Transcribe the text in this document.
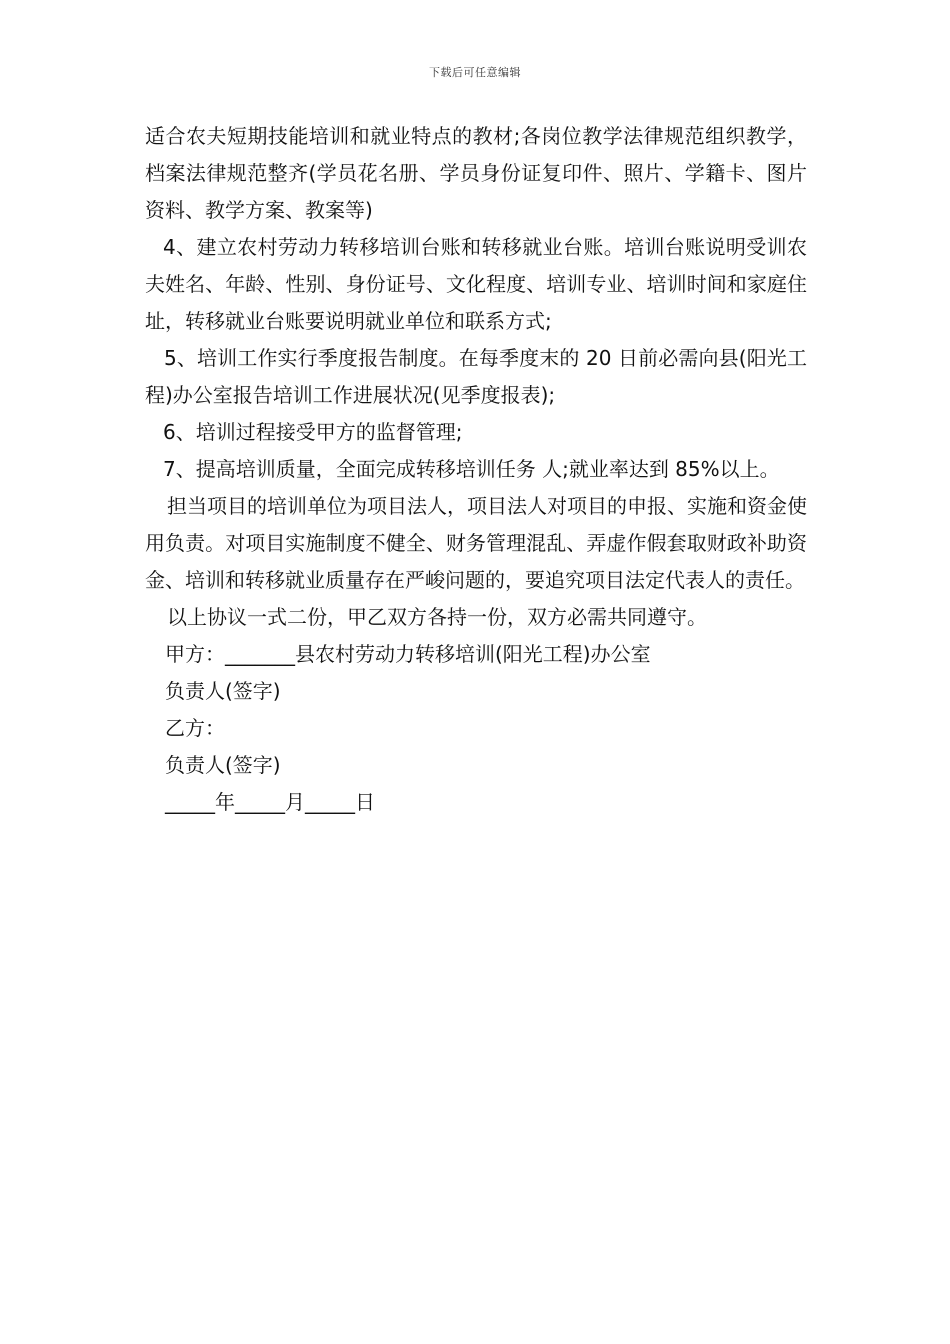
下载后可任意编辑

适合农夫短期技能培训和就业特点的教材;各岗位教学法律规范组织教学，档案法律规范整齐(学员花名册、学员身份证复印件、照片、学籍卡、图片资料、教学方案、教案等)

4、建立农村劳动力转移培训台账和转移就业台账。培训台账说明受训农夫姓名、年龄、性别、身份证号、文化程度、培训专业、培训时间和家庭住址，转移就业台账要说明就业单位和联系方式;

5、培训工作实行季度报告制度。在每季度末的 20 日前必需向县(阳光工程)办公室报告培训工作进展状况(见季度报表);

6、培训过程接受甲方的监督管理;

7、提高培训质量，全面完成转移培训任务 人;就业率达到 85%以上。

担当项目的培训单位为项目法人，项目法人对项目的申报、实施和资金使用负责。对项目实施制度不健全、财务管理混乱、弄虚作假套取财政补助资金、培训和转移就业质量存在严峻问题的，要追究项目法定代表人的责任。

以上协议一式二份，甲乙双方各持一份，双方必需共同遵守。

甲方：_______县农村劳动力转移培训(阳光工程)办公室

负责人(签字)

乙方：

负责人(签字)

_____年_____月_____日
